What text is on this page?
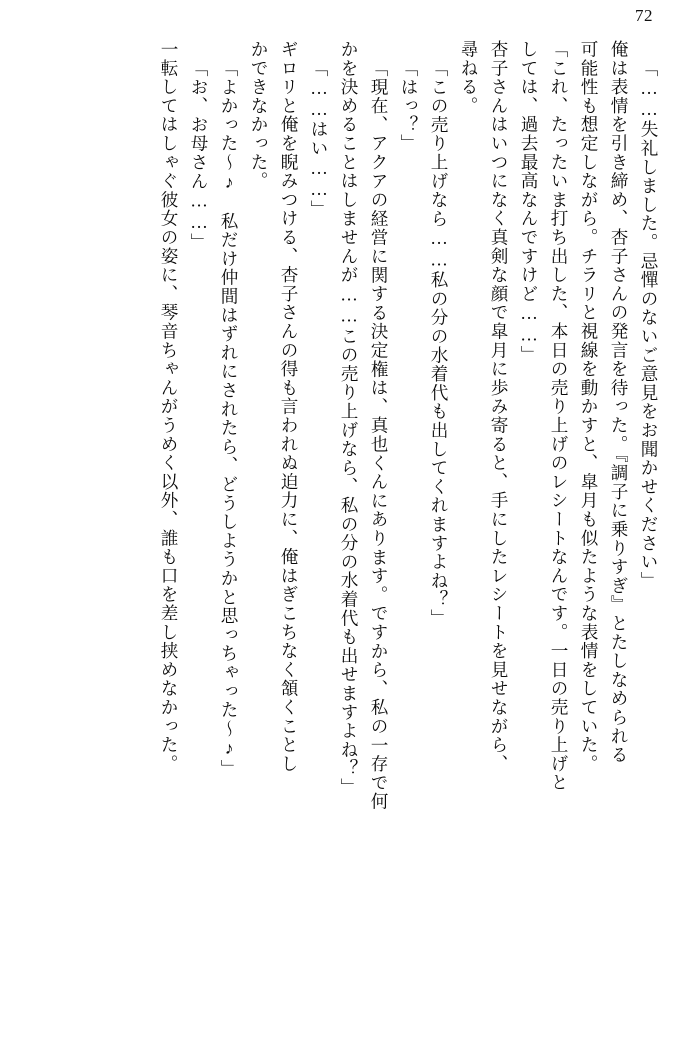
72
「……失礼しました。忌憚のないご意見をお聞かせください」
俺は表情を引き締め、杏子さんの発言を待った。『調子に乗りすぎ』とたしなめられる
可能性も想定しながら。チラリと視線を動かすと、皐月も似たような表情をしていた。
「これ、たったいま打ち出した、本日の売り上げのレシートなんです。一日の売り上げと
しては、過去最高なんですけど……」
杏子さんはいつになく真剣な顔で皐月に歩み寄ると、手にしたレシートを見せながら、
尋ねる。
「この売り上げなら……私の分の水着代も出してくれますよね？」
「はっ？」
「現在、アクアの経営に関する決定権は、真也くんにあります。ですから、私の一存で何
かを決めることはしませんが……この売り上げなら、私の分の水着代も出せますよね？」
「……はい……」
ギロリと俺を睨みつける、杏子さんの得も言われぬ迫力に、俺はぎこちなく頷くことし
かできなかった。
「よかった〜♪　私だけ仲間はずれにされたら、どうしようかと思っちゃった〜♪」
「お、お母さん……」
一転してはしゃぐ彼女の姿に、琴音ちゃんがうめく以外、誰も口を差し挟めなかった。
